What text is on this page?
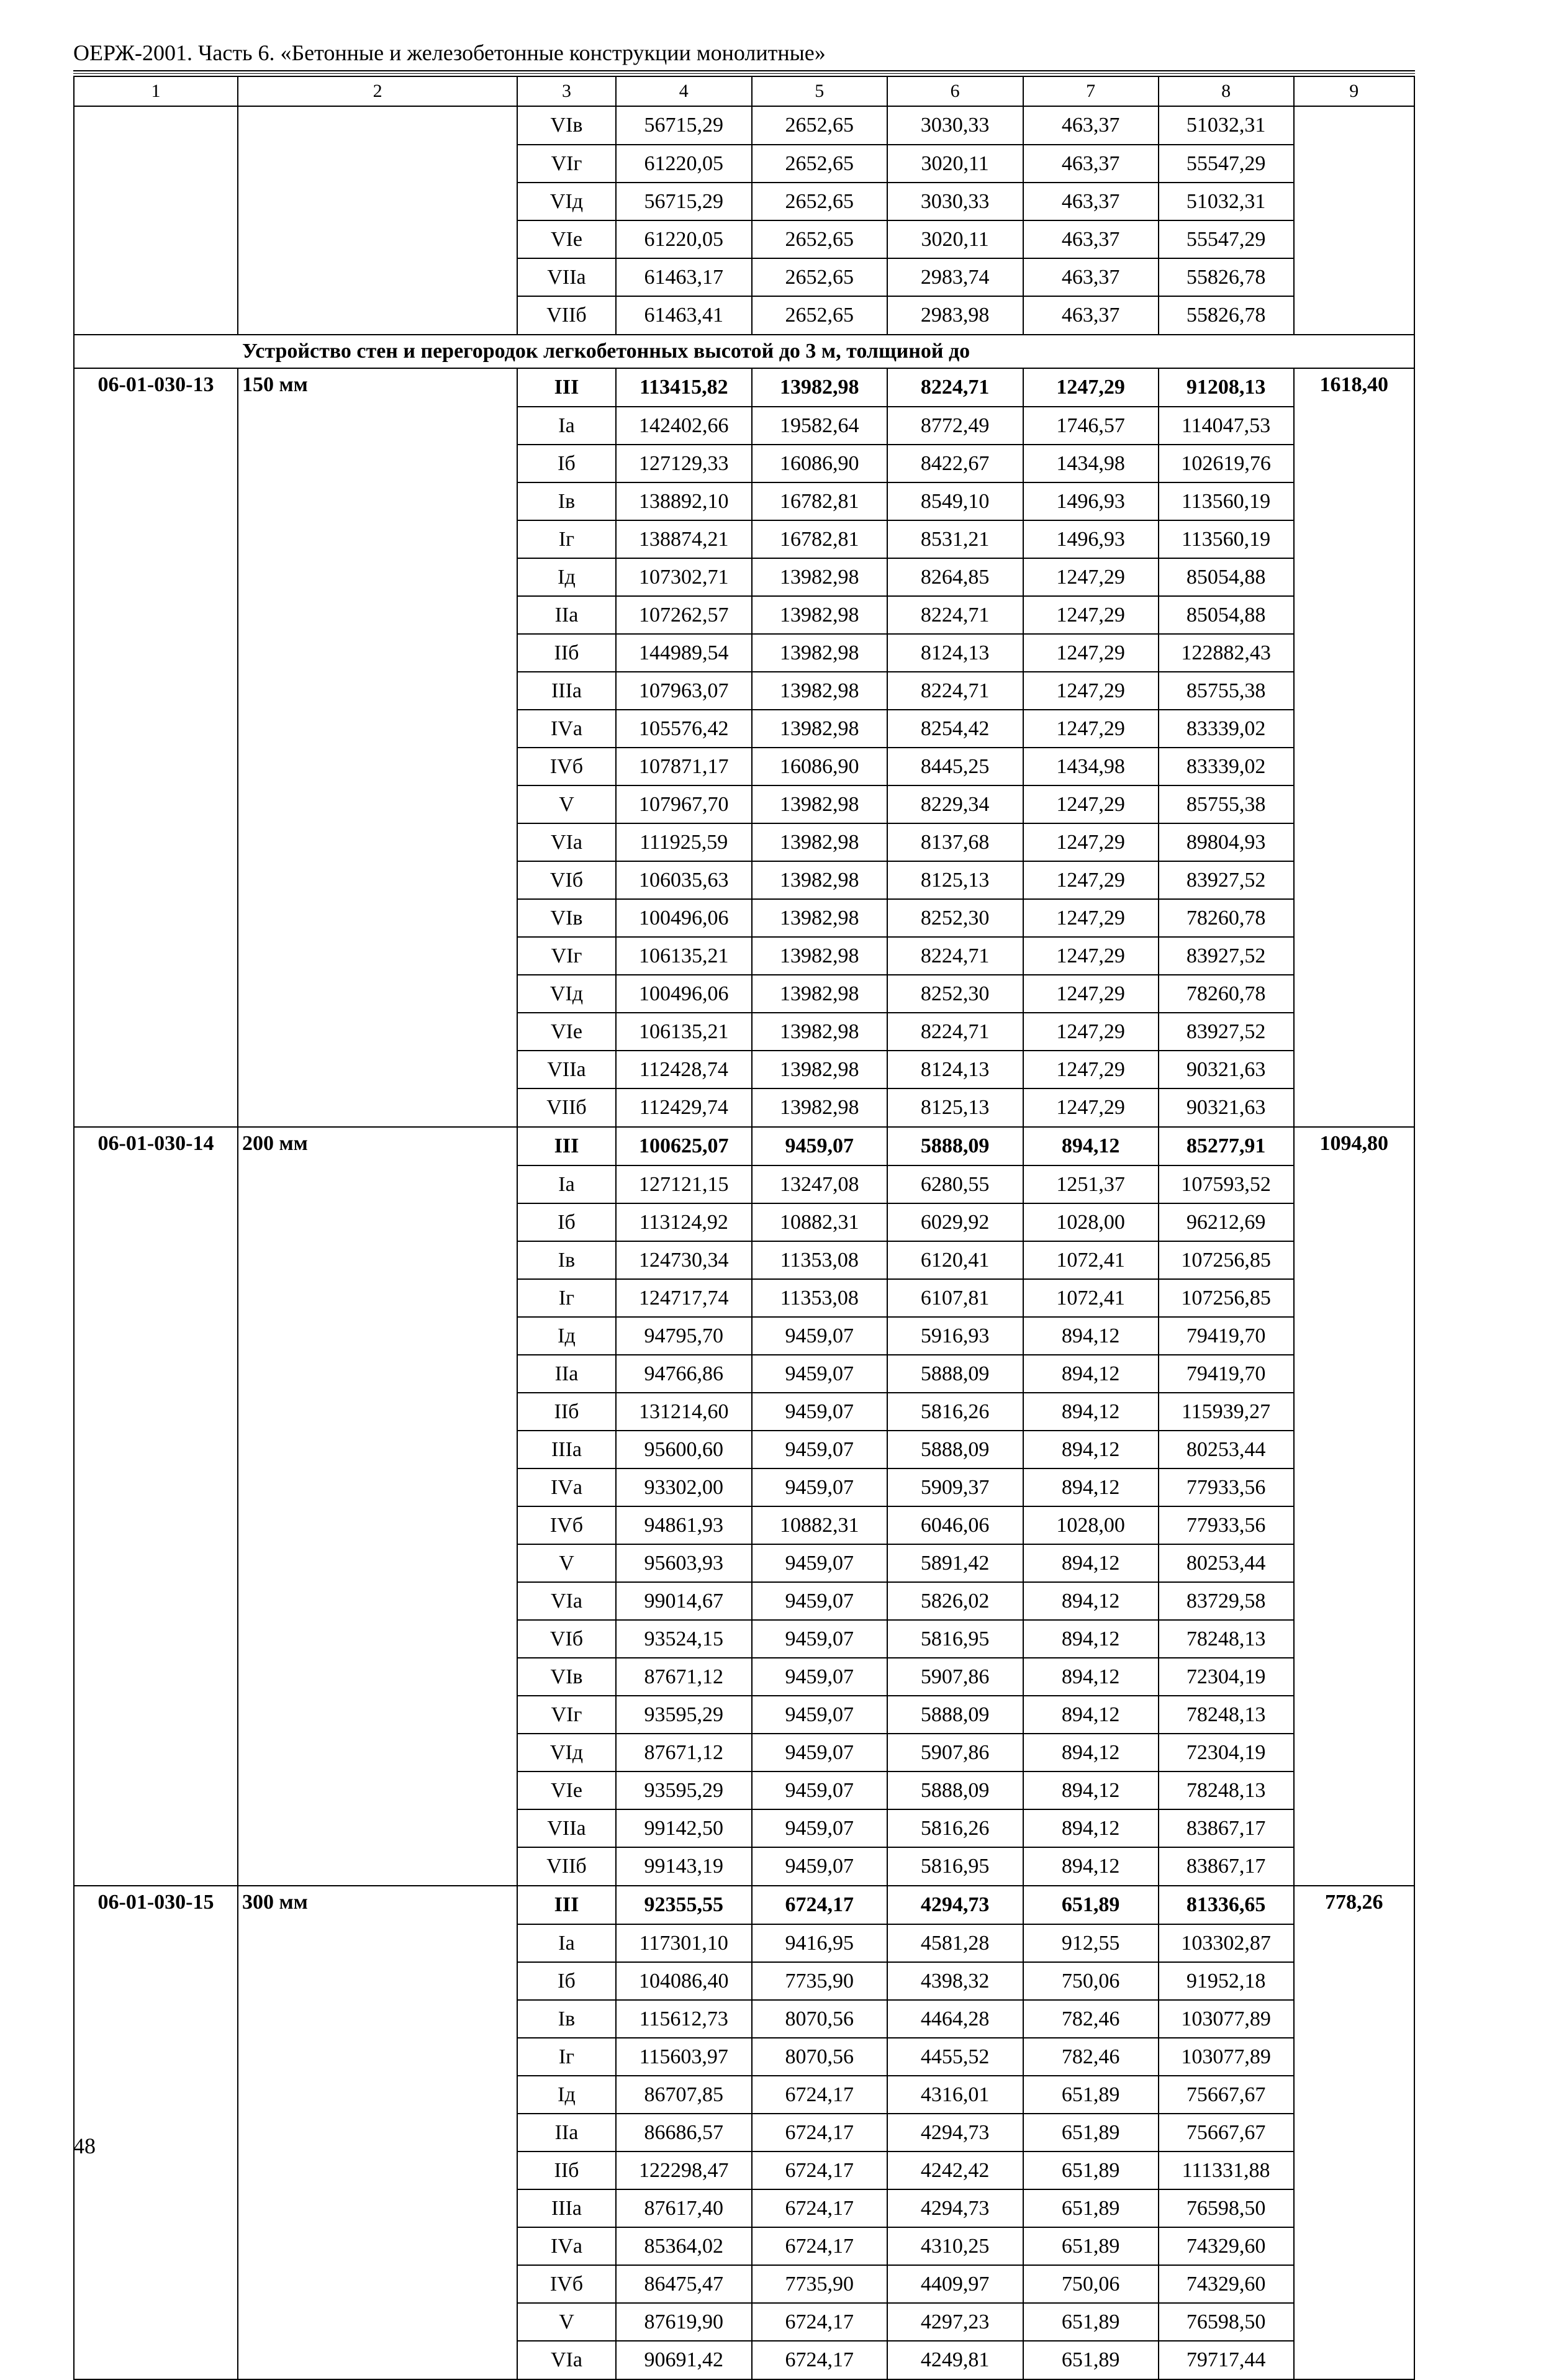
ОЕРЖ-2001. Часть 6. «Бетонные и железобетонные конструкции монолитные»
1	2	3	4	5	6	7	8	9
		VIв	56715,29	2652,65	3030,33	463,37	51032,31	
		VIг	61220,05	2652,65	3020,11	463,37	55547,29	
		VIд	56715,29	2652,65	3030,33	463,37	51032,31	
		VIе	61220,05	2652,65	3020,11	463,37	55547,29	
		VIIа	61463,17	2652,65	2983,74	463,37	55826,78	
		VIIб	61463,41	2652,65	2983,98	463,37	55826,78	
Устройство стен и перегородок легкобетонных высотой до 3 м, толщиной до								
06-01-030-13	150 мм	III	113415,82	13982,98	8224,71	1247,29	91208,13	1618,40
		Iа	142402,66	19582,64	8772,49	1746,57	114047,53	
		Iб	127129,33	16086,90	8422,67	1434,98	102619,76	
		Iв	138892,10	16782,81	8549,10	1496,93	113560,19	
		Iг	138874,21	16782,81	8531,21	1496,93	113560,19	
		Iд	107302,71	13982,98	8264,85	1247,29	85054,88	
		IIа	107262,57	13982,98	8224,71	1247,29	85054,88	
		IIб	144989,54	13982,98	8124,13	1247,29	122882,43	
		IIIа	107963,07	13982,98	8224,71	1247,29	85755,38	
		IVа	105576,42	13982,98	8254,42	1247,29	83339,02	
		IVб	107871,17	16086,90	8445,25	1434,98	83339,02	
		V	107967,70	13982,98	8229,34	1247,29	85755,38	
		VIа	111925,59	13982,98	8137,68	1247,29	89804,93	
		VIб	106035,63	13982,98	8125,13	1247,29	83927,52	
		VIв	100496,06	13982,98	8252,30	1247,29	78260,78	
		VIг	106135,21	13982,98	8224,71	1247,29	83927,52	
		VIд	100496,06	13982,98	8252,30	1247,29	78260,78	
		VIе	106135,21	13982,98	8224,71	1247,29	83927,52	
		VIIа	112428,74	13982,98	8124,13	1247,29	90321,63	
		VIIб	112429,74	13982,98	8125,13	1247,29	90321,63	
06-01-030-14	200 мм	III	100625,07	9459,07	5888,09	894,12	85277,91	1094,80
		Iа	127121,15	13247,08	6280,55	1251,37	107593,52	
		Iб	113124,92	10882,31	6029,92	1028,00	96212,69	
		Iв	124730,34	11353,08	6120,41	1072,41	107256,85	
		Iг	124717,74	11353,08	6107,81	1072,41	107256,85	
		Iд	94795,70	9459,07	5916,93	894,12	79419,70	
		IIа	94766,86	9459,07	5888,09	894,12	79419,70	
		IIб	131214,60	9459,07	5816,26	894,12	115939,27	
		IIIа	95600,60	9459,07	5888,09	894,12	80253,44	
		IVа	93302,00	9459,07	5909,37	894,12	77933,56	
		IVб	94861,93	10882,31	6046,06	1028,00	77933,56	
		V	95603,93	9459,07	5891,42	894,12	80253,44	
		VIа	99014,67	9459,07	5826,02	894,12	83729,58	
		VIб	93524,15	9459,07	5816,95	894,12	78248,13	
		VIв	87671,12	9459,07	5907,86	894,12	72304,19	
		VIг	93595,29	9459,07	5888,09	894,12	78248,13	
		VIд	87671,12	9459,07	5907,86	894,12	72304,19	
		VIе	93595,29	9459,07	5888,09	894,12	78248,13	
		VIIа	99142,50	9459,07	5816,26	894,12	83867,17	
		VIIб	99143,19	9459,07	5816,95	894,12	83867,17	
06-01-030-15	300 мм	III	92355,55	6724,17	4294,73	651,89	81336,65	778,26
		Iа	117301,10	9416,95	4581,28	912,55	103302,87	
		Iб	104086,40	7735,90	4398,32	750,06	91952,18	
		Iв	115612,73	8070,56	4464,28	782,46	103077,89	
		Iг	115603,97	8070,56	4455,52	782,46	103077,89	
		Iд	86707,85	6724,17	4316,01	651,89	75667,67	
		IIа	86686,57	6724,17	4294,73	651,89	75667,67	
		IIб	122298,47	6724,17	4242,42	651,89	111331,88	
		IIIа	87617,40	6724,17	4294,73	651,89	76598,50	
		IVа	85364,02	6724,17	4310,25	651,89	74329,60	
		IVб	86475,47	7735,90	4409,97	750,06	74329,60	
		V	87619,90	6724,17	4297,23	651,89	76598,50	
		VIа	90691,42	6724,17	4249,81	651,89	79717,44	
48
